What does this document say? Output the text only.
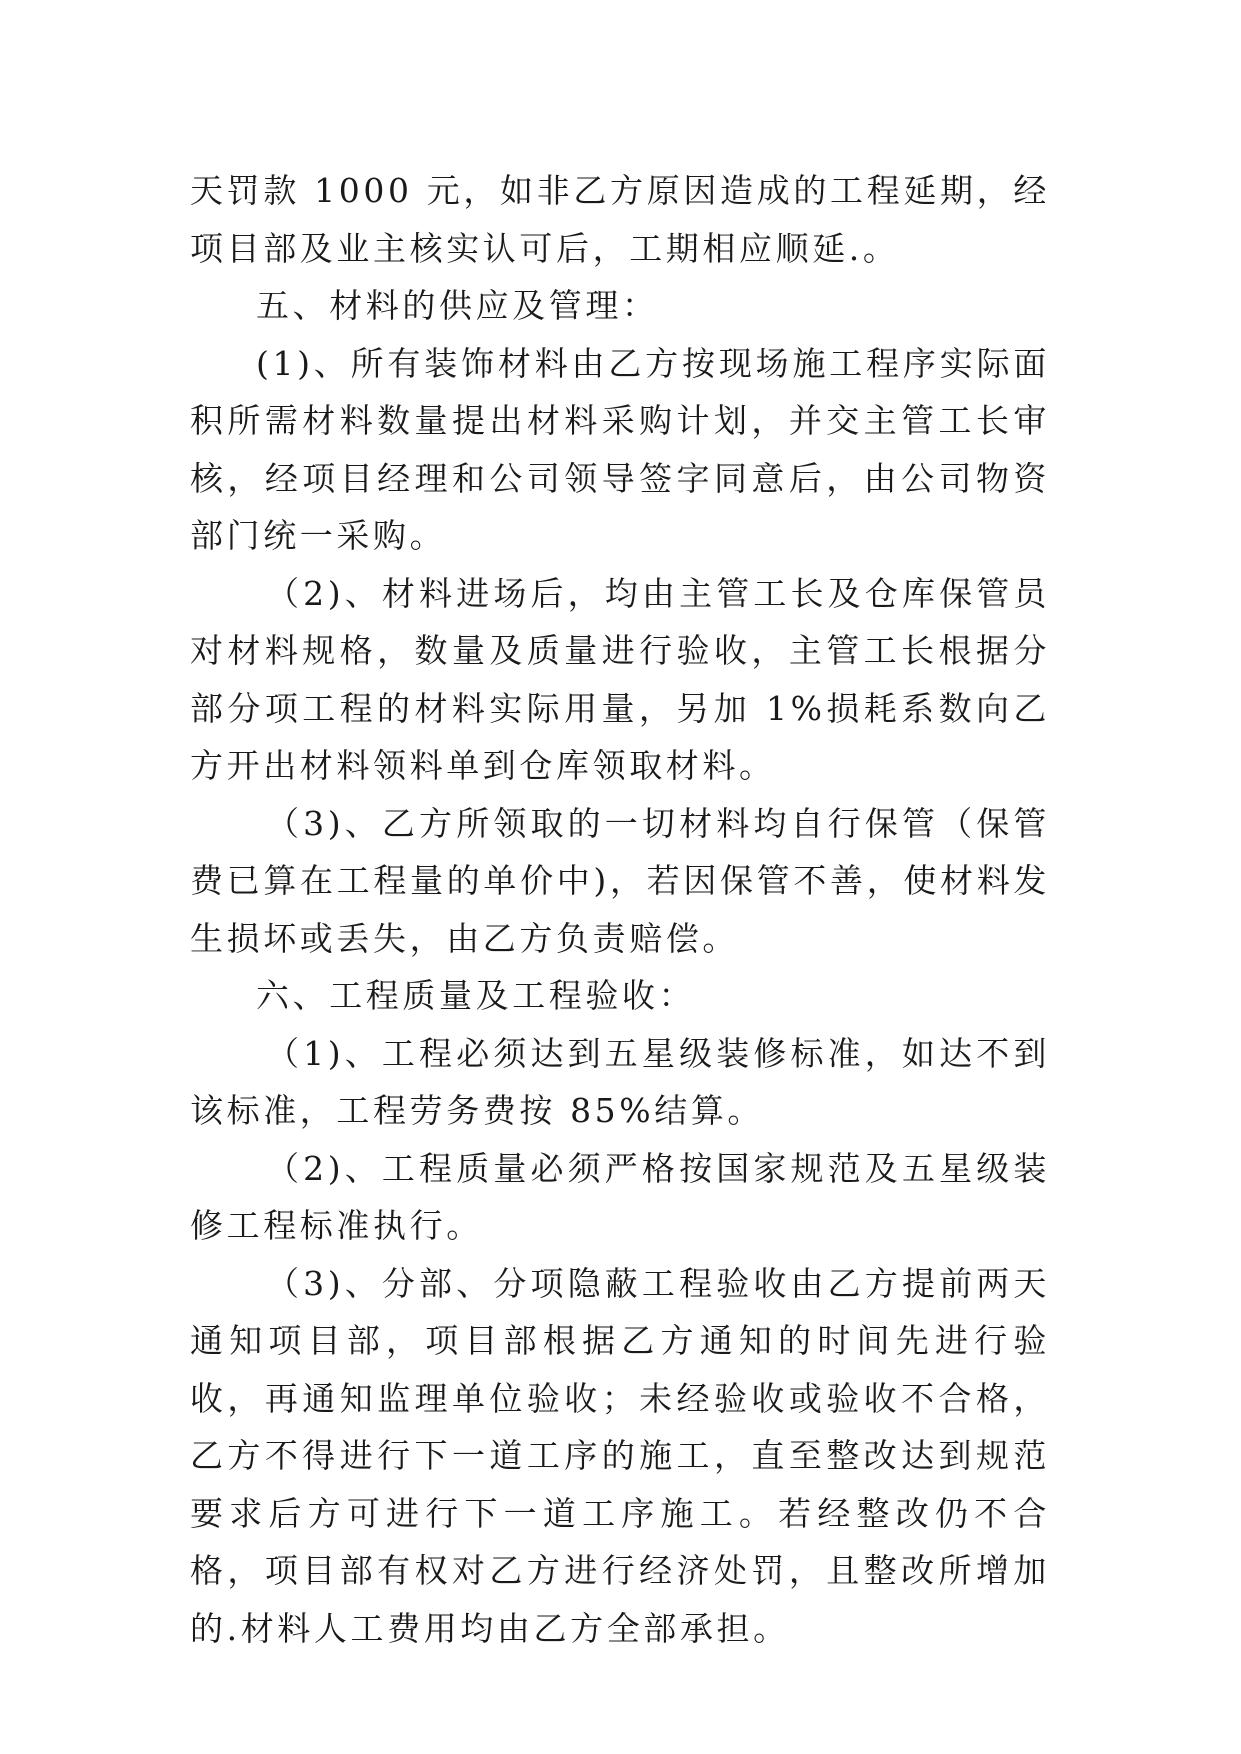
天罚款 1000 元，如非乙方原因造成的工程延期，经项目部及业主核实认可后，工期相应顺延.。

五、材料的供应及管理：

(1)、所有装饰材料由乙方按现场施工程序实际面积所需材料数量提出材料采购计划，并交主管工长审核，经项目经理和公司领导签字同意后，由公司物资部门统一采购。

（2)、材料进场后，均由主管工长及仓库保管员对材料规格，数量及质量进行验收，主管工长根据分部分项工程的材料实际用量，另加 1%损耗系数向乙方开出材料领料单到仓库领取材料。

（3)、乙方所领取的一切材料均自行保管（保管费已算在工程量的单价中)，若因保管不善，使材料发生损坏或丢失，由乙方负责赔偿。

六、工程质量及工程验收：

（1)、工程必须达到五星级装修标准，如达不到该标准，工程劳务费按 85%结算。

（2)、工程质量必须严格按国家规范及五星级装修工程标准执行。

（3)、分部、分项隐蔽工程验收由乙方提前两天通知项目部，项目部根据乙方通知的时间先进行验收，再通知监理单位验收；未经验收或验收不合格，乙方不得进行下一道工序的施工，直至整改达到规范要求后方可进行下一道工序施工。若经整改仍不合格，项目部有权对乙方进行经济处罚，且整改所增加的.材料人工费用均由乙方全部承担。
